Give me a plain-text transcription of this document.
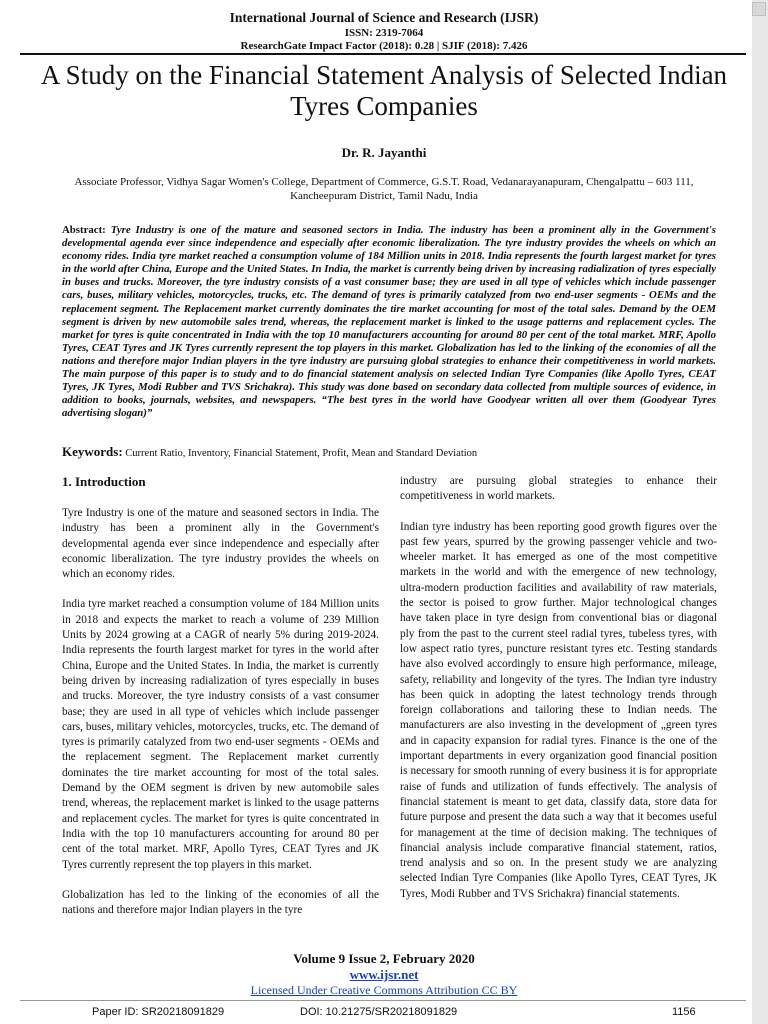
International Journal of Science and Research (IJSR)
ISSN: 2319-7064
ResearchGate Impact Factor (2018): 0.28 | SJIF (2018): 7.426
A Study on the Financial Statement Analysis of Selected Indian Tyres Companies
Dr. R. Jayanthi
Associate Professor, Vidhya Sagar Women's College, Department of Commerce, G.S.T. Road, Vedanarayanapuram, Chengalpattu – 603 111, Kancheepuram District, Tamil Nadu, India
Abstract: Tyre Industry is one of the mature and seasoned sectors in India. The industry has been a prominent ally in the Government's developmental agenda ever since independence and especially after economic liberalization. The tyre industry provides the wheels on which an economy rides. India tyre market reached a consumption volume of 184 Million units in 2018. India represents the fourth largest market for tyres in the world after China, Europe and the United States. In India, the market is currently being driven by increasing radialization of tyres especially in buses and trucks. Moreover, the tyre industry consists of a vast consumer base; they are used in all type of vehicles which include passenger cars, buses, military vehicles, motorcycles, trucks, etc. The demand of tyres is primarily catalyzed from two end-user segments - OEMs and the replacement segment. The Replacement market currently dominates the tire market accounting for most of the total sales. Demand by the OEM segment is driven by new automobile sales trend, whereas, the replacement market is linked to the usage patterns and replacement cycles. The market for tyres is quite concentrated in India with the top 10 manufacturers accounting for around 80 per cent of the total market. MRF, Apollo Tyres, CEAT Tyres and JK Tyres currently represent the top players in this market. Globalization has led to the linking of the economies of all the nations and therefore major Indian players in the tyre industry are pursuing global strategies to enhance their competitiveness in world markets. The main purpose of this paper is to study and to do financial statement analysis on selected Indian Tyre Companies (like Apollo Tyres, CEAT Tyres, JK Tyres, Modi Rubber and TVS Srichakra). This study was done based on secondary data collected from multiple sources of evidence, in addition to books, journals, websites, and newspapers. “The best tyres in the world have Goodyear written all over them (Goodyear Tyres advertising slogan)”
Keywords: Current Ratio, Inventory, Financial Statement, Profit, Mean and Standard Deviation
1. Introduction

Tyre Industry is one of the mature and seasoned sectors in India. The industry has been a prominent ally in the Government's developmental agenda ever since independence and especially after economic liberalization. The tyre industry provides the wheels on which an economy rides.

India tyre market reached a consumption volume of 184 Million units in 2018 and expects the market to reach a volume of 239 Million Units by 2024 growing at a CAGR of nearly 5% during 2019-2024. India represents the fourth largest market for tyres in the world after China, Europe and the United States. In India, the market is currently being driven by increasing radialization of tyres especially in buses and trucks. Moreover, the tyre industry consists of a vast consumer base; they are used in all type of vehicles which include passenger cars, buses, military vehicles, motorcycles, trucks, etc. The demand of tyres is primarily catalyzed from two end-user segments - OEMs and the replacement segment. The Replacement market currently dominates the tire market accounting for most of the total sales. Demand by the OEM segment is driven by new automobile sales trend, whereas, the replacement market is linked to the usage patterns and replacement cycles. The market for tyres is quite concentrated in India with the top 10 manufacturers accounting for around 80 per cent of the total market. MRF, Apollo Tyres, CEAT Tyres and JK Tyres currently represent the top players in this market.

Globalization has led to the linking of the economies of all the nations and therefore major Indian players in the tyre

industry are pursuing global strategies to enhance their competitiveness in world markets.

Indian tyre industry has been reporting good growth figures over the past few years, spurred by the growing passenger vehicle and two-wheeler market. It has emerged as one of the most competitive markets in the world and with the emergence of new technology, ultra-modern production facilities and availability of raw materials, the sector is poised to grow further. Major technological changes have taken place in tyre design from conventional bias or diagonal ply from the past to the current steel radial tyres, tubeless tyres, with low aspect ratio tyres, puncture resistant tyres etc. Testing standards have also evolved accordingly to ensure high performance, mileage, safety, reliability and longevity of the tyres. The Indian tyre industry has been quick in adopting the latest technology trends through foreign collaborations and tailoring these to Indian needs. The manufacturers are also investing in the development of „green tyres and in capacity expansion for radial tyres. Finance is the one of the important departments in every organization good financial position is necessary for smooth running of every business it is for appropriate raise of funds and utilization of funds effectively. The analysis of financial statement is meant to get data, classify data, store data for future purpose and present the data such a way that it becomes useful for management at the time of decision making. The techniques of financial analysis include comparative financial statement, ratios, trend analysis and so on. In the present study we are analyzing selected Indian Tyre Companies (like Apollo Tyres, CEAT Tyres, JK Tyres, Modi Rubber and TVS Srichakra) financial statements.

Volume 9 Issue 2, February 2020
www.ijsr.net
Licensed Under Creative Commons Attribution CC BY
Paper ID: SR20218091829	DOI: 10.21275/SR20218091829	1156
